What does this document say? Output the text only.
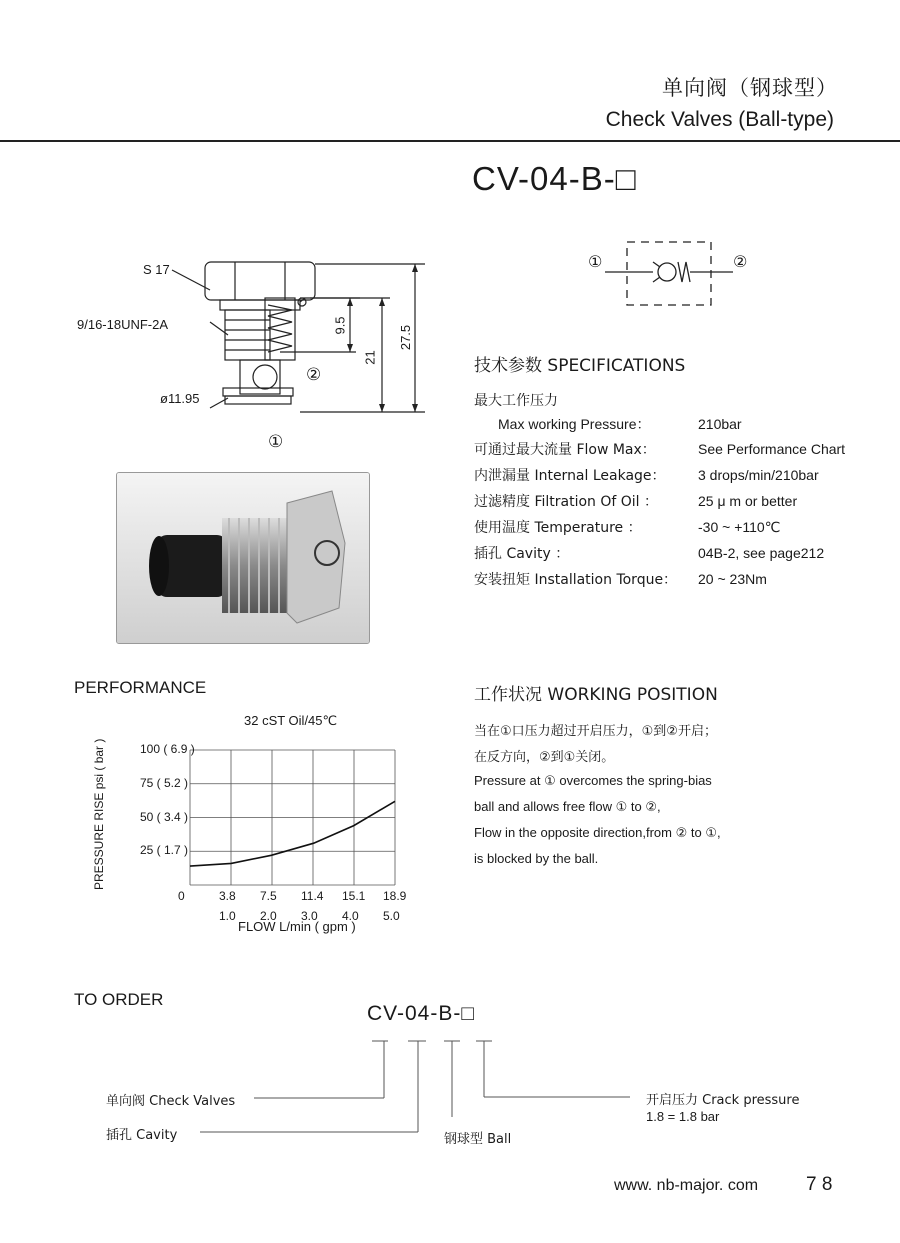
单向阀（钢球型）
Check Valves (Ball-type)
CV-04-B-□
S 17
9/16-18UNF-2A
ø11.95
9.5
21
27.5
②
①
①	②
技术参数 SPECIFICATIONS
最大工作压力
Max working Pressure：	210bar
可通过最大流量 Flow Max：	See Performance Chart
内泄漏量 Internal Leakage： 3 drops/min/210bar
过滤精度 Filtration Of Oil ：	25 μ m or better
使用温度 Temperature ：	-30 ~ +110℃
插孔 Cavity ：	04B-2, see page212
安装扭矩 Installation Torque： 20 ~ 23Nm
PERFORMANCE
32 cST Oil/45℃
PRESSURE RISE psi ( bar )
FLOW L/min ( gpm )
25 ( 1.7 )
50 ( 3.4 )
75 ( 5.2 )
100 ( 6.9 )
0	3.8 7.5 11.4 15.1 18.9
1.0 2.0 3.0 4.0 5.0
工作状况 WORKING POSITION
当在①口压力超过开启压力，①到②开启；
在反方向，②到①关闭。
Pressure at ① overcomes the spring-bias
ball and allows free flow ① to ②,
Flow in the opposite direction,from ② to ①,
is blocked by the ball.
TO ORDER
CV-04-B-□
单向阀 Check Valves
插孔 Cavity	钢球型 Ball
开启压力 Crack pressure
1.8 = 1.8 bar
www. nb-major. com	7 8
